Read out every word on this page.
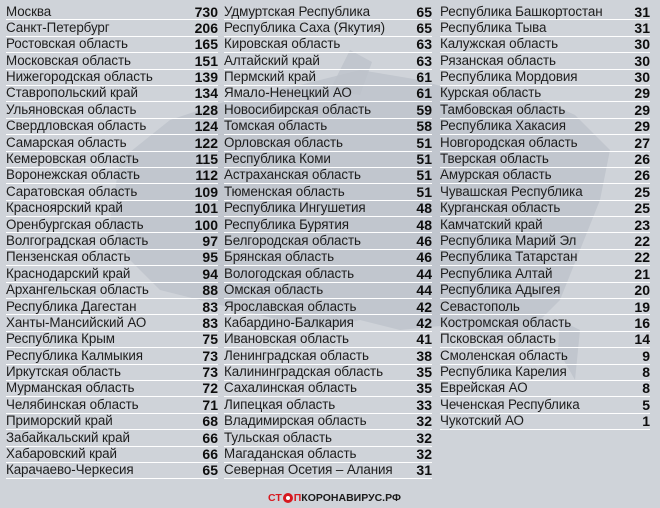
Москва	730
Санкт-Петербург	206
Ростовская область	165
Московская область	151
Нижегородская область	139
Ставропольский край	134
Ульяновская область	128
Свердловская область	124
Самарская область	122
Кемеровская область	115
Воронежская область	112
Саратовская область	109
Красноярский край	101
Оренбургская область	100
Волгоградская область	97
Пензенская область	95
Краснодарский край	94
Архангельская область	88
Республика Дагестан	83
Ханты-Мансийский АО	83
Республика Крым	75
Республика Калмыкия	73
Иркутская область	73
Мурманская область	72
Челябинская область	71
Приморский край	68
Забайкальский край	66
Хабаровский край	66
Карачаево-Черкесия	65
Удмуртская Республика	65
Республика Саха (Якутия) 65
Кировская область	63
Алтайский край	63
Пермский край	61
Ямало-Ненецкий АО	61
Новосибирская область	59
Томская область	58
Орловская область	51
Республика Коми	51
Астраханская область	51
Тюменская область	51
Республика Ингушетия	48
Республика Бурятия	48
Белгородская область	46
Брянская область	46
Вологодская область	44
Омская область	44
Ярославская область	42
Кабардино-Балкария	42
Ивановская область	41
Ленинградская область	38
Калининградская область 35
Сахалинская область	35
Липецкая область	33
Владимирская область	32
Тульская область	32
Магаданская область	32
Северная Осетия – Алания 31
Республика Башкортостан 31
Республика Тыва	31
Калужская область	30
Рязанская область	30
Республика Мордовия	30
Курская область	29
Тамбовская область	29
Республика Хакасия	29
Новгородская область	27
Тверская область	26
Амурская область	26
Чувашская Республика	25
Курганская область	25
Камчатский край	23
Республика Марий Эл	22
Республика Татарстан	22
Республика Алтай	21
Республика Адыгея	20
Севастополь	19
Костромская область	16
Псковская область	14
Смоленская область	9
Республика Карелия	8
Еврейская АО	8
Чеченская Республика	5
Чукотский АО	1
СТ П КОРОНАВИРУС.РФ
